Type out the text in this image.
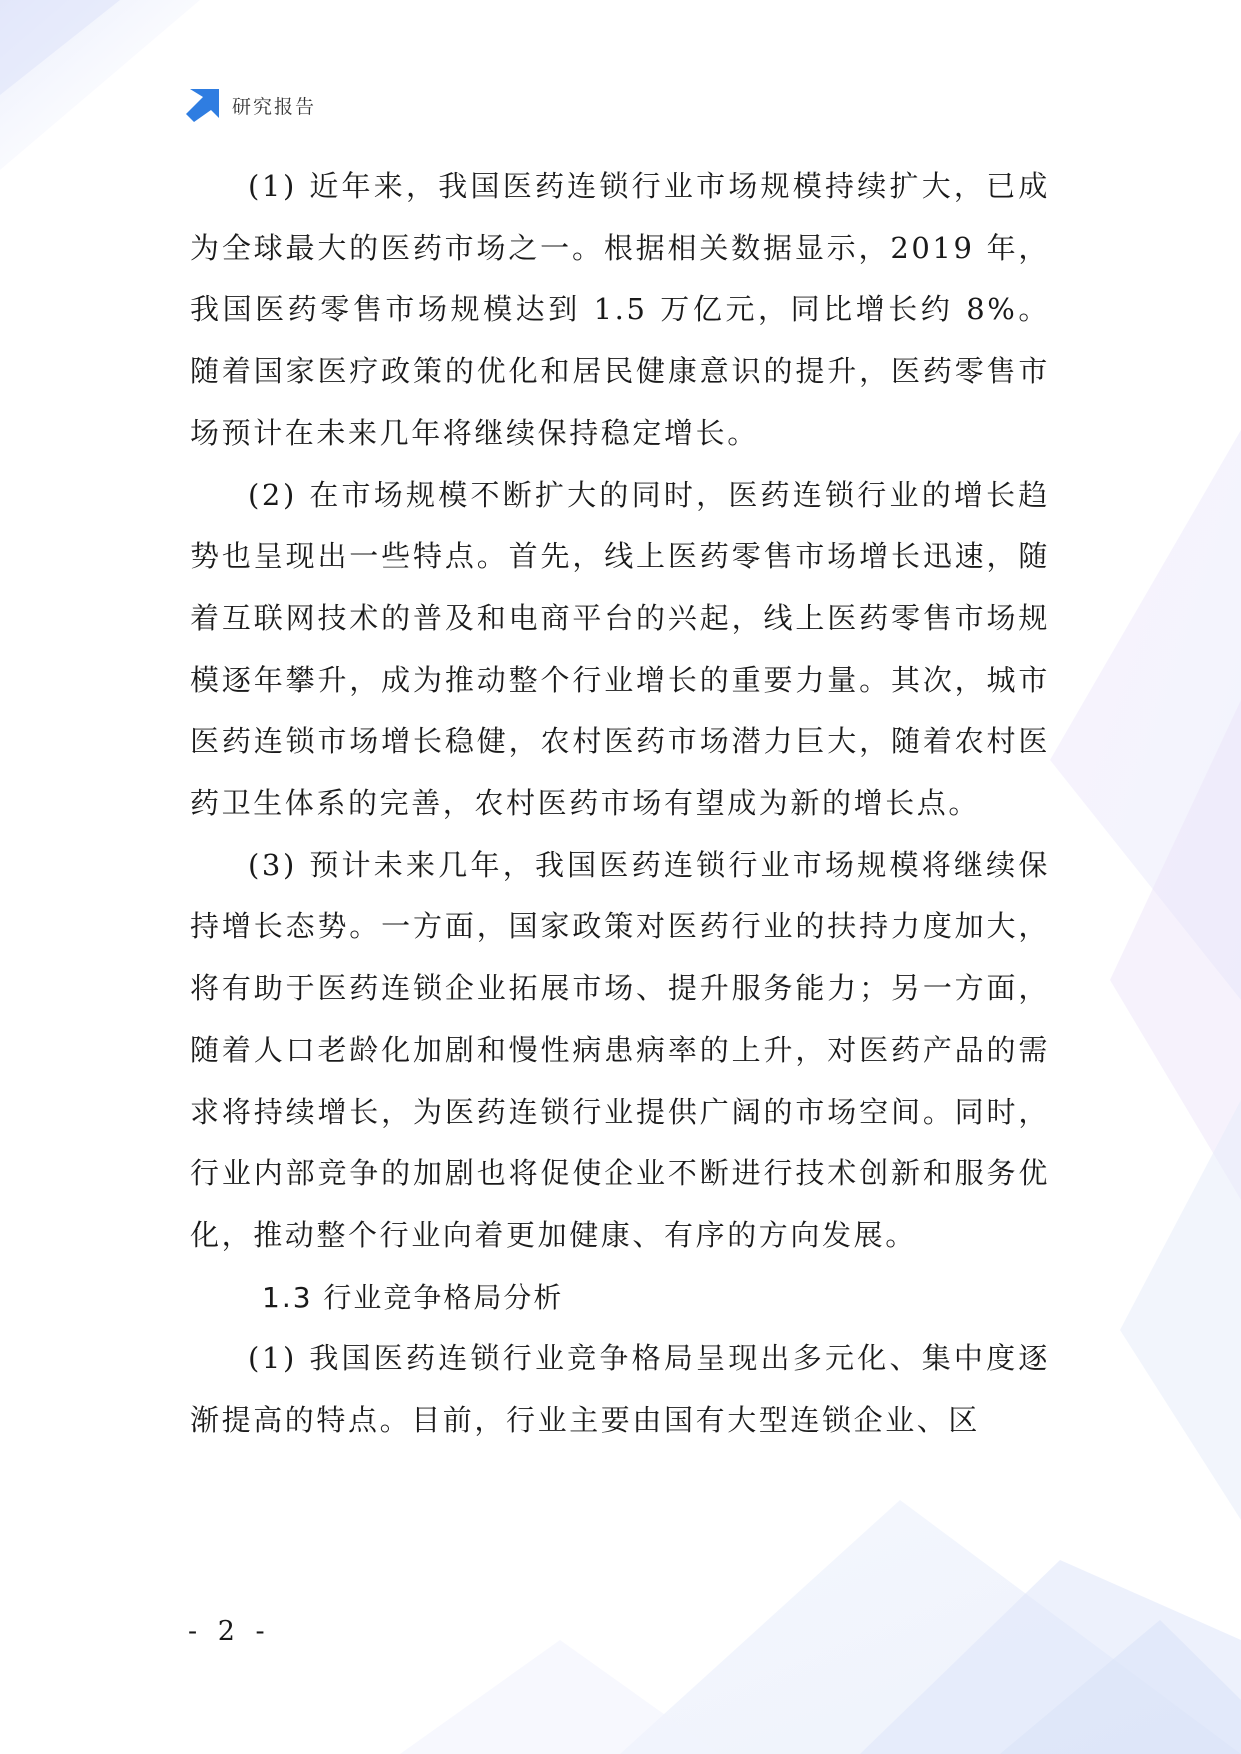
研究报告

(1) 近年来，我国医药连锁行业市场规模持续扩大，已成为全球最大的医药市场之一。根据相关数据显示，2019 年，我国医药零售市场规模达到 1.5 万亿元，同比增长约 8%。随着国家医疗政策的优化和居民健康意识的提升，医药零售市场预计在未来几年将继续保持稳定增长。

(2) 在市场规模不断扩大的同时，医药连锁行业的增长趋势也呈现出一些特点。首先，线上医药零售市场增长迅速，随着互联网技术的普及和电商平台的兴起，线上医药零售市场规模逐年攀升，成为推动整个行业增长的重要力量。其次，城市医药连锁市场增长稳健，农村医药市场潜力巨大，随着农村医药卫生体系的完善，农村医药市场有望成为新的增长点。

(3) 预计未来几年，我国医药连锁行业市场规模将继续保持增长态势。一方面，国家政策对医药行业的扶持力度加大，将有助于医药连锁企业拓展市场、提升服务能力；另一方面，随着人口老龄化加剧和慢性病患病率的上升，对医药产品的需求将持续增长，为医药连锁行业提供广阔的市场空间。同时，行业内部竞争的加剧也将促使企业不断进行技术创新和服务优化，推动整个行业向着更加健康、有序的方向发展。

1.3 行业竞争格局分析

(1) 我国医药连锁行业竞争格局呈现出多元化、集中度逐渐提高的特点。目前，行业主要由国有大型连锁企业、区

- 2 -
